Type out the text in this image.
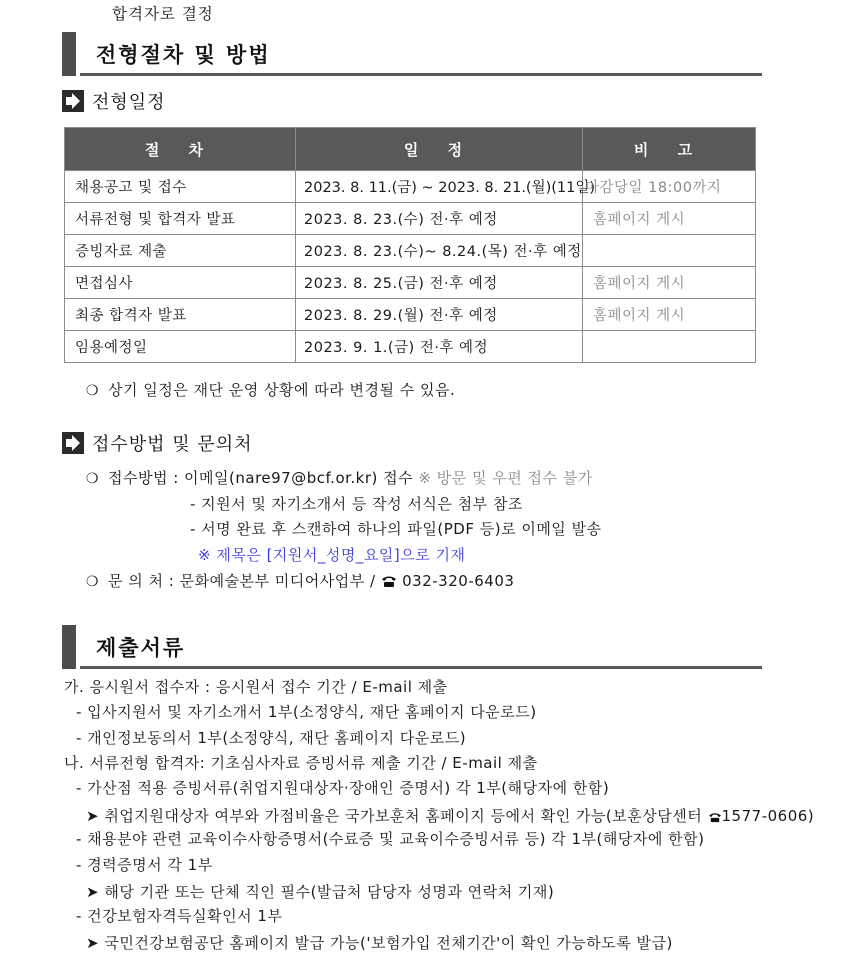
합격자로 결정
전형절차 및 방법
전형일정
절 차	일 정	비 고
채용공고 및 접수	2023. 8. 11.(금) ~ 2023. 8. 21.(월)(11일)	마감당일 18:00까지
서류전형 및 합격자 발표	2023. 8. 23.(수) 전·후 예정	홈페이지 게시
증빙자료 제출	2023. 8. 23.(수)~ 8.24.(목) 전·후 예정	
면접심사	2023. 8. 25.(금) 전·후 예정	홈페이지 게시
최종 합격자 발표	2023. 8. 29.(월) 전·후 예정	홈페이지 게시
임용예정일	2023. 9. 1.(금) 전·후 예정	
❍ 상기 일정은 재단 운영 상황에 따라 변경될 수 있음.
접수방법 및 문의처
❍ 접수방법 : 이메일(nare97@bcf.or.kr) 접수 ※ 방문 및 우편 접수 불가
- 지원서 및 자기소개서 등 작성 서식은 첨부 참조
- 서명 완료 후 스캔하여 하나의 파일(PDF 등)로 이메일 발송
※ 제목은 [지원서_성명_요일]으로 기재
❍ 문 의 처 : 문화예술본부 미디어사업부 / 032-320-6403
제출서류
가. 응시원서 접수자 : 응시원서 접수 기간 / E-mail 제출
- 입사지원서 및 자기소개서 1부(소정양식, 재단 홈페이지 다운로드)
- 개인정보동의서 1부(소정양식, 재단 홈페이지 다운로드)
나. 서류전형 합격자: 기초심사자료 증빙서류 제출 기간 / E-mail 제출
- 가산점 적용 증빙서류(취업지원대상자·장애인 증명서) 각 1부(해당자에 한함)
➤ 취업지원대상자 여부와 가점비율은 국가보훈처 홈페이지 등에서 확인 가능(보훈상담센터 1577-0606)
- 채용분야 관련 교육이수사항증명서(수료증 및 교육이수증빙서류 등) 각 1부(해당자에 한함)
- 경력증명서 각 1부
➤ 해당 기관 또는 단체 직인 필수(발급처 담당자 성명과 연락처 기재)
- 건강보험자격득실확인서 1부
➤ 국민건강보험공단 홈페이지 발급 가능('보험가입 전체기간'이 확인 가능하도록 발급)
